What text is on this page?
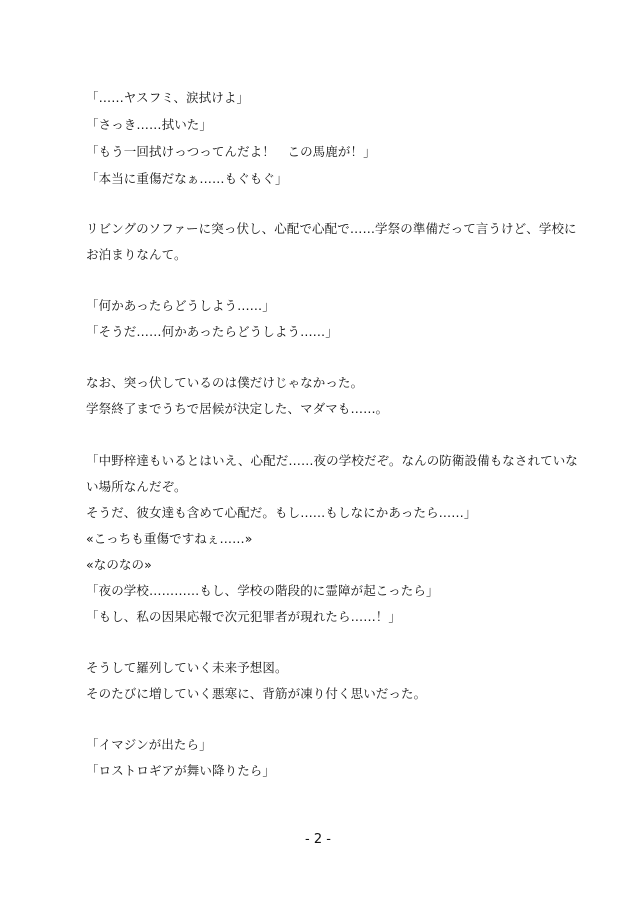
「……ヤスフミ、涙拭けよ」
「さっき……拭いた」
「もう一回拭けっつってんだよ！　この馬鹿が！」
「本当に重傷だなぁ……もぐもぐ」
リビングのソファーに突っ伏し、心配で心配で……学祭の準備だって言うけど、学校に
お泊まりなんて。
「何かあったらどうしよう……」
「そうだ……何かあったらどうしよう……」
なお、突っ伏しているのは僕だけじゃなかった。
学祭終了までうちで居候が決定した、マダマも……。
「中野梓達もいるとはいえ、心配だ……夜の学校だぞ。なんの防衛設備もなされていな
い場所なんだぞ。
そうだ、彼女達も含めて心配だ。もし……もしなにかあったら……」
«こっちも重傷ですねぇ……»
«なのなの»
「夜の学校…………もし、学校の階段的に霊障が起こったら」
「もし、私の因果応報で次元犯罪者が現れたら……！」
そうして羅列していく未来予想図。
そのたびに増していく悪寒に、背筋が凍り付く思いだった。
「イマジンが出たら」
「ロストロギアが舞い降りたら」
- 2 -
